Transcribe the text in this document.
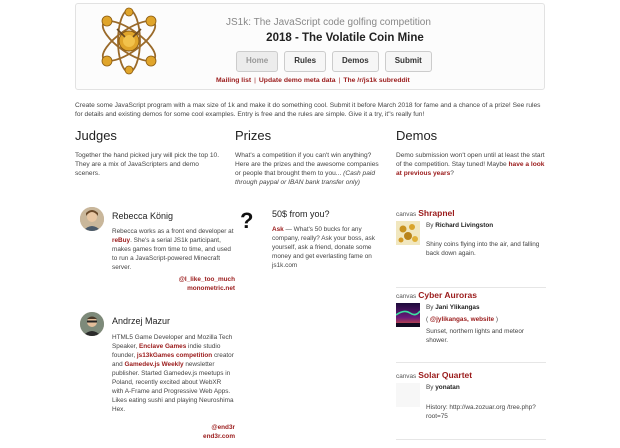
JS1k: The JavaScript code golfing competition
2018 - The Volatile Coin Mine
Home	Rules	Demos	Submit
Mailing list | Update demo meta data | The /r/js1k subreddit
Create some JavaScript program with a max size of 1k and make it do something cool. Submit it before March 2018 for fame and a chance of a prize! See rules for details and existing demos for some cool examples. Entry is free and the rules are simple. Give it a try, it"s really fun!
Judges
Together the hand picked jury will pick the top 10. They are a mix of JavaScripters and demo sceners.
Rebecca König
Rebecca works as a front end developer at reBuy. She's a serial JS1k participant, makes games from time to time, and used to run a JavaScript-powered Minecraft server.
@I_like_too_much
monometric.net
Andrzej Mazur
HTML5 Game Developer and Mozilla Tech Speaker, Enclave Games indie studio founder, js13kGames competition creator and Gamedev.js Weekly newsletter publisher. Started Gamedev.js meetups in Poland, recently excited about WebXR with A-Frame and Progressive Web Apps. Likes eating sushi and playing Neuroshima Hex.
@end3r
end3r.com
Prizes
What's a competition if you can't win anything? Here are the prizes and the awesome companies or people that brought them to you... (Cash paid through paypal or IBAN bank transfer only)
? 50$ from you?
Ask — What's 50 bucks for any company, really? Ask your boss, ask yourself, ask a friend, donate some money and get everlasting fame on js1k.com
Demos
Demo submission won't open until at least the start of the competition. Stay tuned! Maybe have a look at previous years?
canvas Shrapnel
By Richard Livingston
Shiny coins flying into the air, and falling back down again.
canvas Cyber Auroras
By Jani Ylikangas
( @jylikangas, website )
Sunset, northern lights and meteor shower.
canvas Solar Quartet
By yonatan
History: http://wa.zozuar.org /tree.php?root=75
